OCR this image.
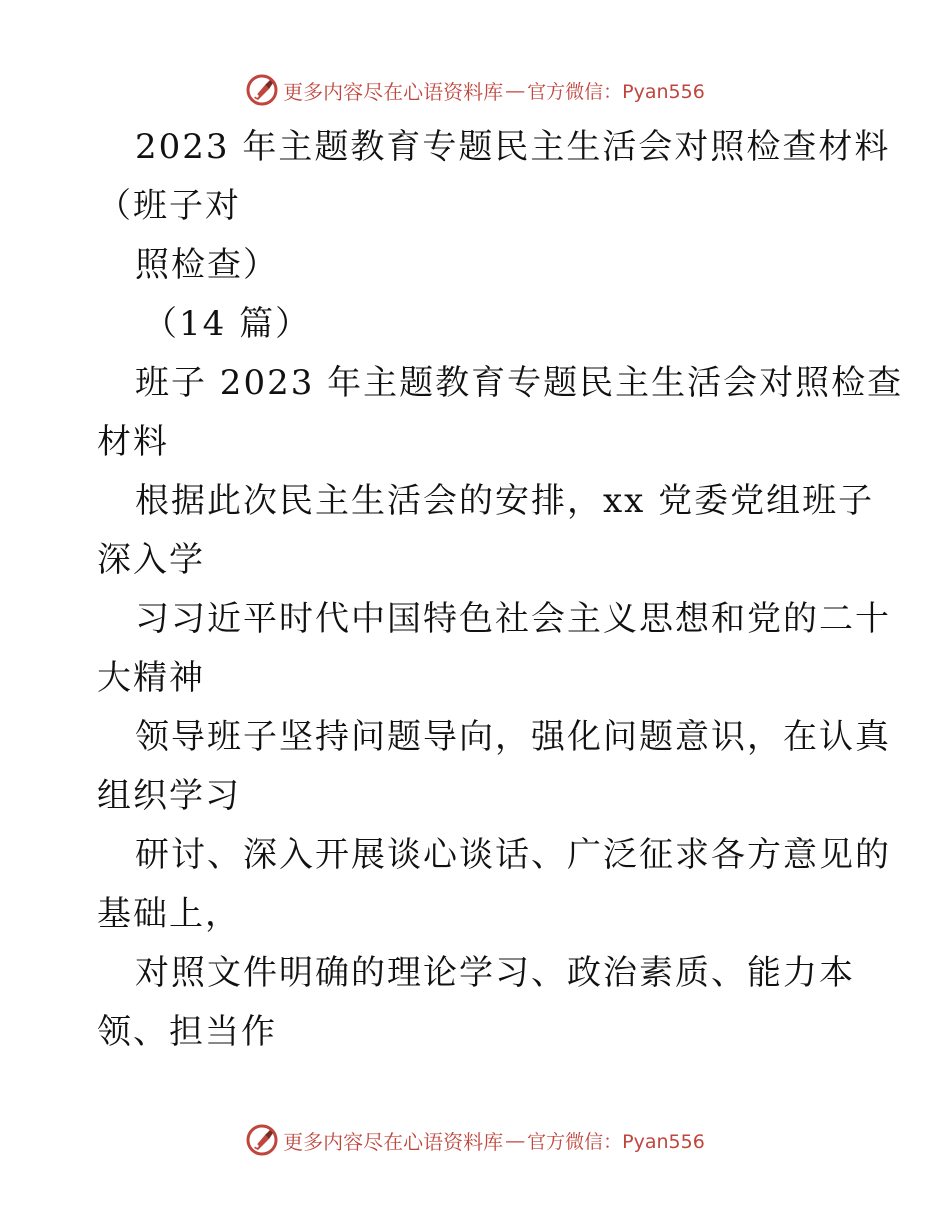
更多内容尽在心语资料库 — 官方微信：Pyan556
2023 年主题教育专题民主生活会对照检查材料
（班子对
照检查）
（14 篇）
班子 2023 年主题教育专题民主生活会对照检查
材料
根据此次民主生活会的安排，xx 党委党组班子
深入学
习习近平时代中国特色社会主义思想和党的二十
大精神
领导班子坚持问题导向，强化问题意识，在认真
组织学习
研讨、深入开展谈心谈话、广泛征求各方意见的
基础上，
对照文件明确的理论学习、政治素质、能力本
领、担当作
更多内容尽在心语资料库 — 官方微信：Pyan556
